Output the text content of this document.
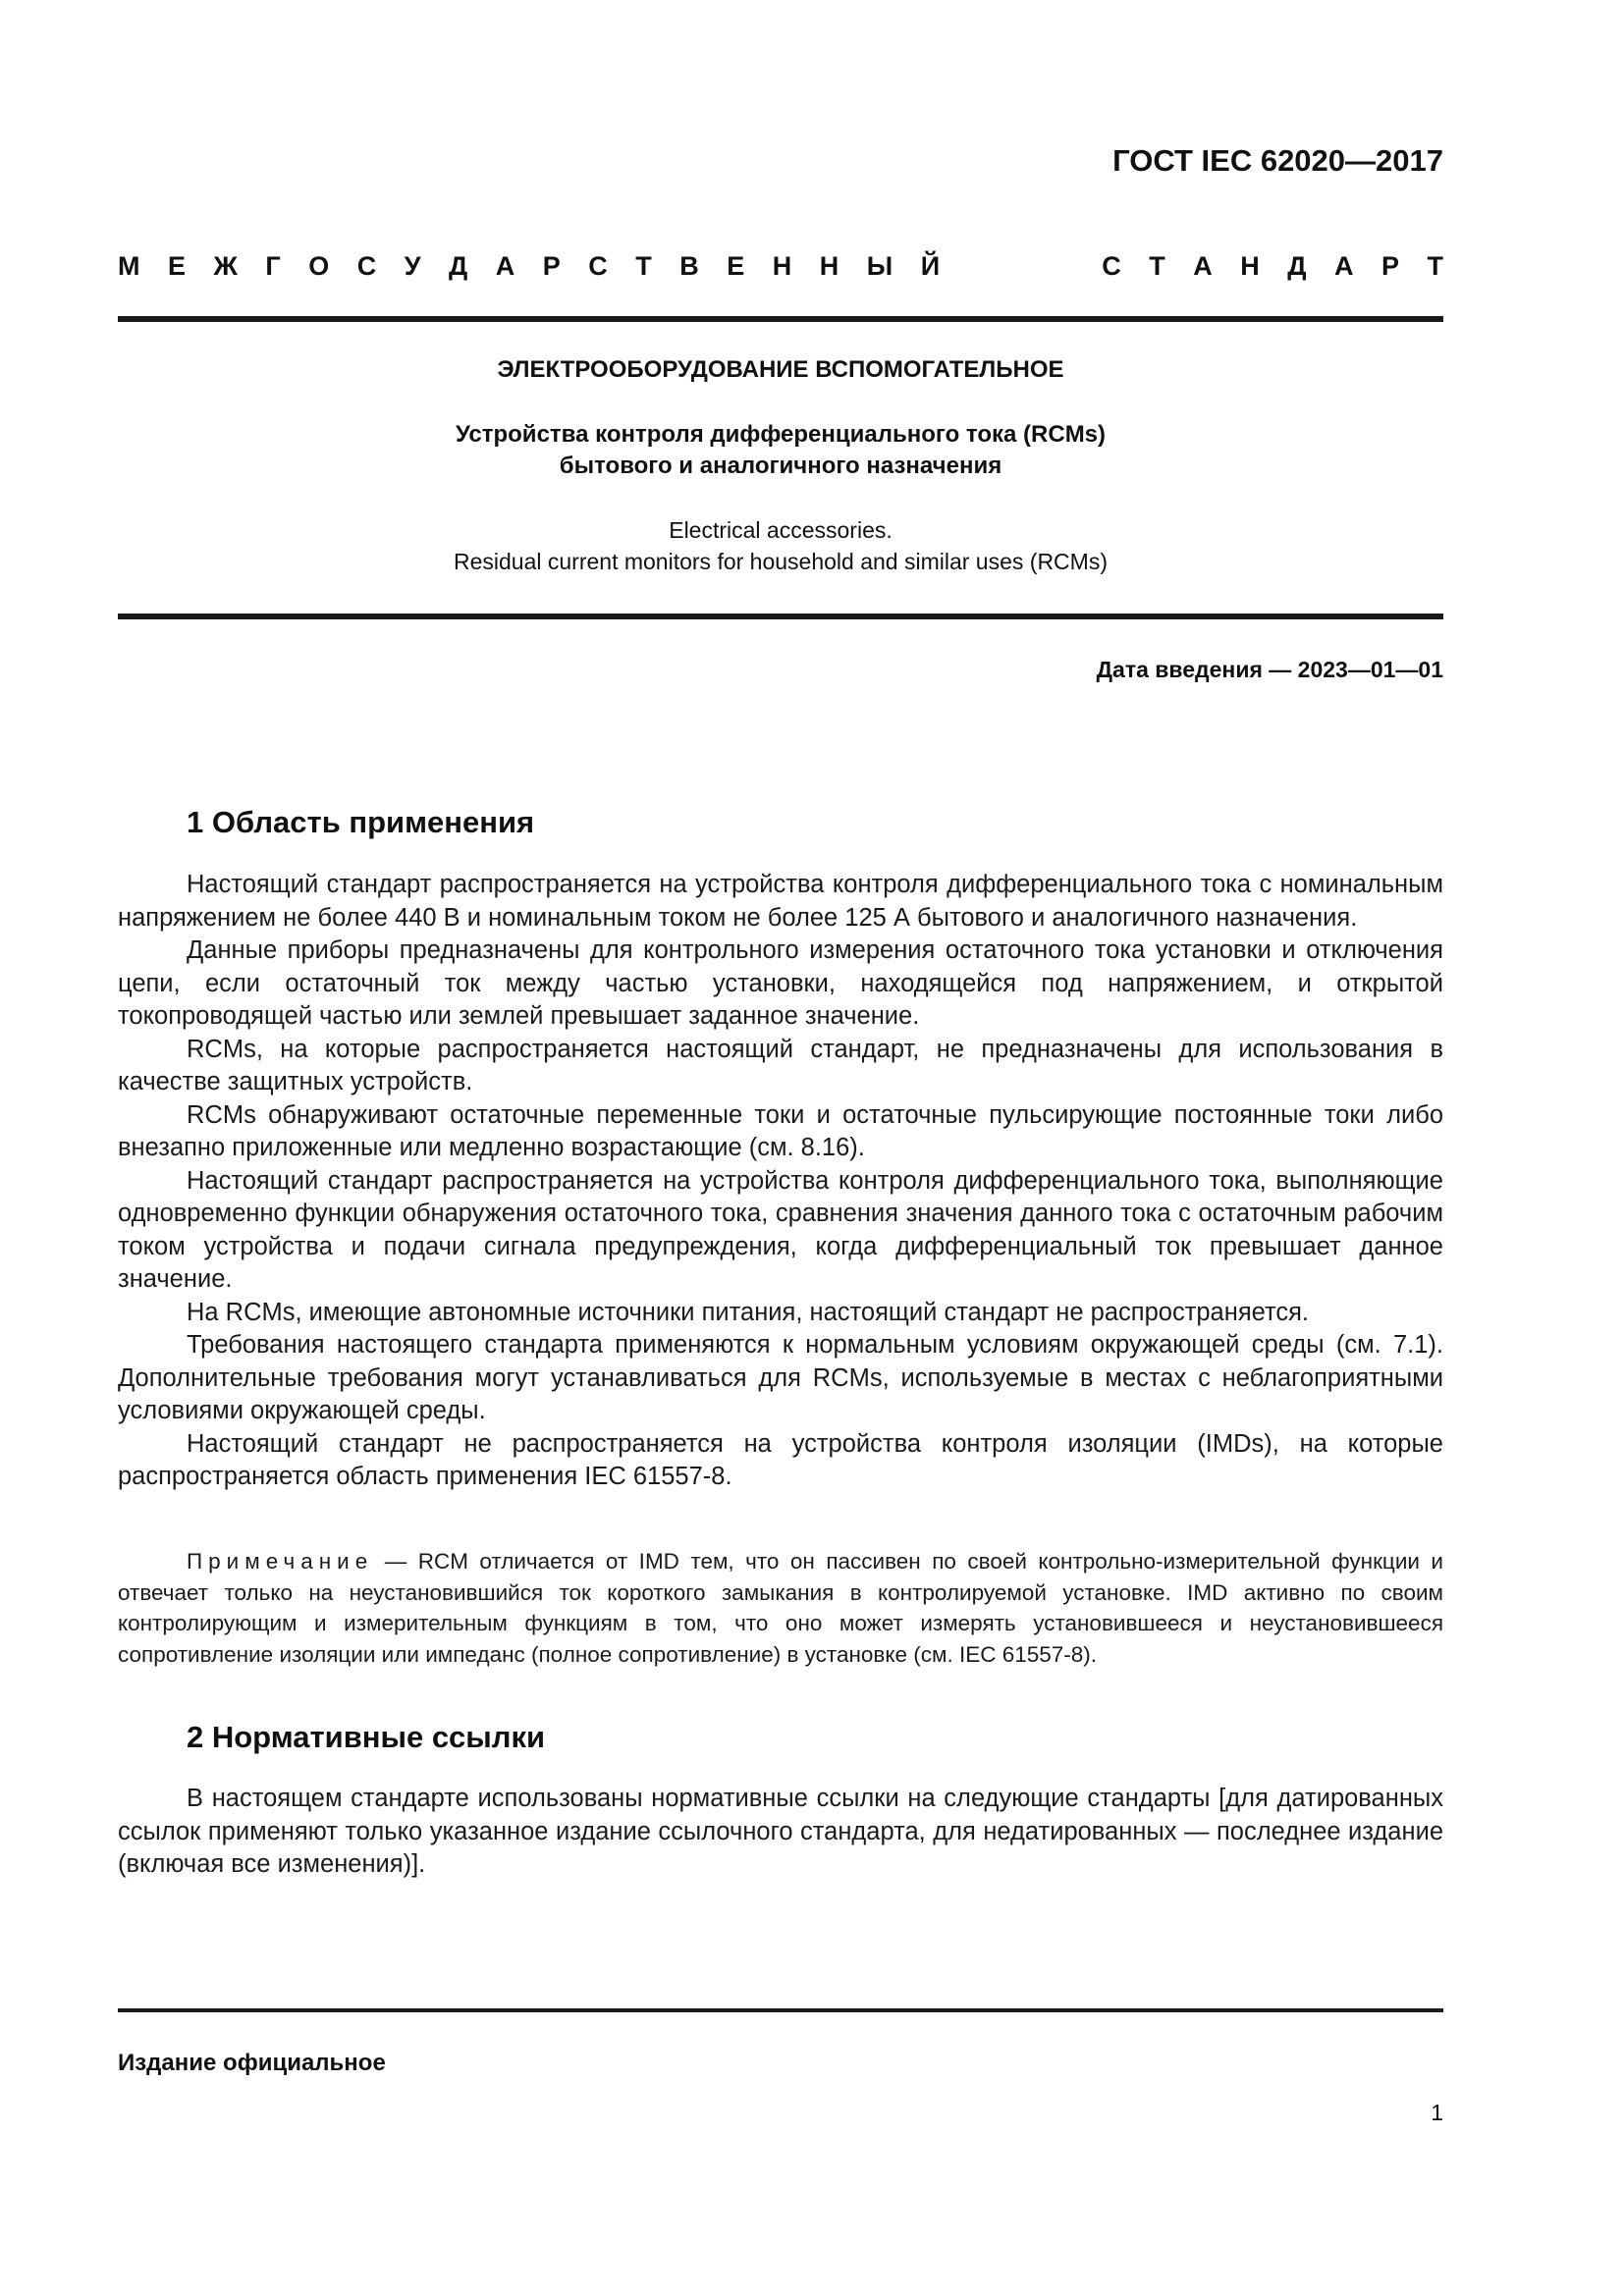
ГОСТ IEC 62020—2017
М Е Ж Г О С У Д А Р С Т В Е Н Н Ы Й	С Т А Н Д А Р Т
ЭЛЕКТРООБОРУДОВАНИЕ ВСПОМОГАТЕЛЬНОЕ
Устройства контроля дифференциального тока (RCMs)
бытового и аналогичного назначения
Electrical accessories.
Residual current monitors for household and similar uses (RCMs)
Дата введения — 2023—01—01
1 Область применения

Настоящий стандарт распространяется на устройства контроля дифференциального тока с номинальным напряжением не более 440 В и номинальным током не более 125 А бытового и аналогичного назначения.

Данные приборы предназначены для контрольного измерения остаточного тока установки и отключения цепи, если остаточный ток между частью установки, находящейся под напряжением, и открытой токопроводящей частью или землей превышает заданное значение.

RCMs, на которые распространяется настоящий стандарт, не предназначены для использования в качестве защитных устройств.

RCMs обнаруживают остаточные переменные токи и остаточные пульсирующие постоянные токи либо внезапно приложенные или медленно возрастающие (см. 8.16).

Настоящий стандарт распространяется на устройства контроля дифференциального тока, выполняющие одновременно функции обнаружения остаточного тока, сравнения значения данного тока с остаточным рабочим током устройства и подачи сигнала предупреждения, когда дифференциальный ток превышает данное значение.

На RCMs, имеющие автономные источники питания, настоящий стандарт не распространяется.

Требования настоящего стандарта применяются к нормальным условиям окружающей среды (см. 7.1). Дополнительные требования могут устанавливаться для RCMs, используемые в местах с неблагоприятными условиями окружающей среды.

Настоящий стандарт не распространяется на устройства контроля изоляции (IMDs), на которые распространяется область применения IEC 61557-8.

Примечание — RCM отличается от IMD тем, что он пассивен по своей контрольно-измерительной функции и отвечает только на неустановившийся ток короткого замыкания в контролируемой установке. IMD активно по своим контролирующим и измерительным функциям в том, что оно может измерять установившееся и неустановившееся сопротивление изоляции или импеданс (полное сопротивление) в установке (см. IEC 61557-8).
2 Нормативные ссылки

В настоящем стандарте использованы нормативные ссылки на следующие стандарты [для датированных ссылок применяют только указанное издание ссылочного стандарта, для недатированных — последнее издание (включая все изменения)].

Издание официальное
1
